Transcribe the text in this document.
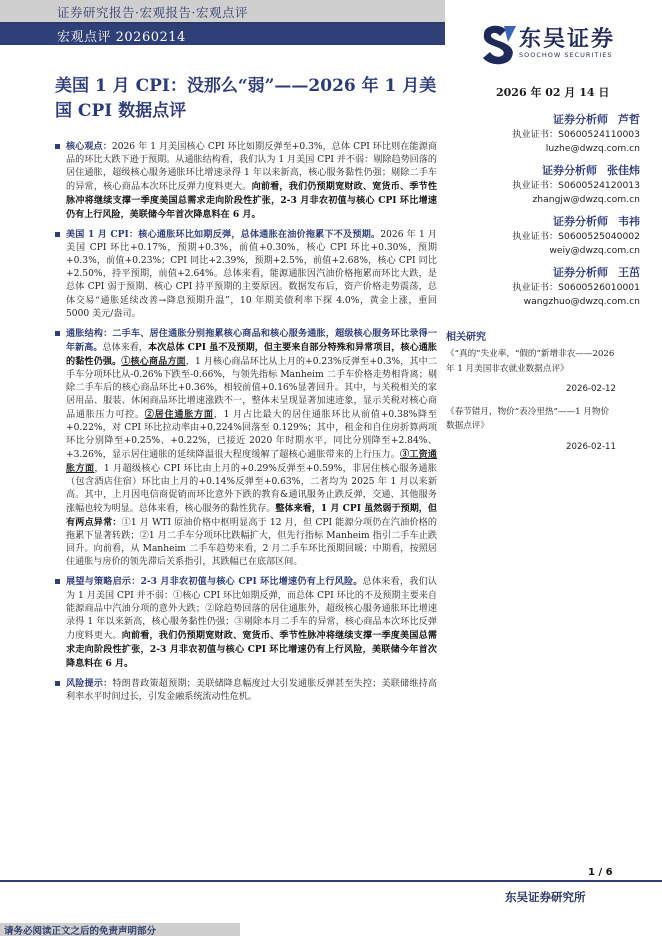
证券研究报告·宏观报告·宏观点评
宏观点评 20260214	东吴证券
SOOCHOW SECURITIES
美国 1 月 CPI：没那么“弱”——2026 年 1 月美国 CPI 数据点评
2026 年 02 月 14 日
证券分析师 芦哲
执业证书：S0600524110003
luzhe@dwzq.com.cn
证券分析师 张佳炜
执业证书：S0600524120013
zhangjw@dwzq.com.cn
证券分析师 韦祎
执业证书：S0600525040002
weiy@dwzq.com.cn
证券分析师 王茁
执业证书：S0600526010001
wangzhuo@dwzq.com.cn
相关研究
《“真的”失业率，“假的”新增非农——2026 年 1 月美国非农就业数据点评》
2026-02-12
《春节错月，物价“表冷里热”——1 月物价数据点评》
2026-02-11
核心观点：2026 年 1 月美国核心 CPI 环比如期反弹至+0.3%，总体 CPI 环比则在能源商品的环比大跌下逊于预期。从通胀结构看，我们认为 1 月美国 CPI 并不弱：剔除趋势回落的居住通胀，超级核心服务通胀环比增速录得 1 年以来新高，核心服务黏性仍强；剔除二手车的异常，核心商品本次环比反弹力度料更大。向前看，我们仍预期宽财政、宽货币、季节性脉冲将继续支撑一季度美国总需求走向阶段性扩张，2-3 月非农初值与核心 CPI 环比增速仍有上行风险，美联储今年首次降息料在 6 月。
美国 1 月 CPI：核心通胀环比如期反弹，总体通胀在油价拖累下不及预期。2026 年 1 月美国 CPI 环比+0.17%，预期+0.3%，前值+0.30%，核心 CPI 环比+0.30%，预期+0.3%，前值+0.23%；CPI 同比+2.39%，预期+2.5%，前值+2.68%，核心 CPI 同比+2.50%，持平预期，前值+2.64%。总体来看，能源通胀因汽油价格拖累而环比大跌，是总体 CPI 弱于预期、核心 CPI 持平预期的主要原因。数据发布后，资产价格走势震荡，总体交易“通胀延续改善→降息预期升温”，10 年期美债利率下探 4.0%，黄金上涨，重回 5000 美元/盎司。
通胀结构：二手车、居住通胀分别拖累核心商品和核心服务通胀，超级核心服务环比录得一年新高。总体来看，本次总体 CPI 虽不及预期，但主要来自部分特殊和异常项目，核心通胀的黏性仍强。①核心商品方面，1 月核心商品环比从上月的+0.23%反弹至+0.3%，其中二手车分项环比从-0.26%下跌至-0.66%，与领先指标 Manheim 二手车价格走势相背离；剔除二手车后的核心商品环比+0.36%，相较前值+0.16%显著回升。其中，与关税相关的家居用品、服装、休闲商品环比增速涨跌不一，整体未呈现显著加速迹象，显示关税对核心商品通胀压力可控。②居住通胀方面，1 月占比最大的居住通胀环比从前值+0.38%降至+0.22%，对 CPI 环比拉动率由+0.224%回落至 0.129%；其中，租金和自住房折算两项环比分别降至+0.25%、+0.22%，已接近 2020 年时期水平，同比分别降至+2.84%、+3.26%，显示居住通胀的延续降温很大程度缓解了超核心通胀带来的上行压力。③工资通胀方面，1 月超级核心 CPI 环比由上月的+0.29%反弹至+0.59%，非居住核心服务通胀（包含酒店住宿）环比由上月的+0.14%反弹至+0.63%，二者均为 2025 年 1 月以来新高。其中，上月因电信商促销而环比意外下跌的教育&通讯服务止跌反弹，交通、其他服务涨幅也较为明显。总体来看，核心服务的黏性犹存。整体来看，1 月 CPI 虽然弱于预期，但有两点异常：①1 月 WTI 原油价格中枢明显高于 12 月，但 CPI 能源分项仍在汽油价格的拖累下显著转跌；②1 月二手车分项环比跌幅扩大，但先行指标 Manheim 指引二手车止跌回升。向前看，从 Manheim 二手车趋势来看，2 月二手车环比预期回暖；中期看，按照居住通胀与房价的领先滞后关系指引，其跌幅已在底部区间。
展望与策略启示：2-3 月非农初值与核心 CPI 环比增速仍有上行风险。总体来看，我们认为 1 月美国 CPI 并不弱：①核心 CPI 环比如期反弹，而总体 CPI 环比的不及预期主要来自能源商品中汽油分项的意外大跌；②除趋势回落的居住通胀外，超级核心服务通胀环比增速录得 1 年以来新高，核心服务黏性仍强；③剔除本月二手车的异常，核心商品本次环比反弹力度料更大。向前看，我们仍预期宽财政、宽货币、季节性脉冲将继续支撑一季度美国总需求走向阶段性扩张，2-3 月非农初值与核心 CPI 环比增速仍有上行风险，美联储今年首次降息料在 6 月。
风险提示：特朗普政策超预期；美联储降息幅度过大引发通胀反弹甚至失控；美联储维持高利率水平时间过长，引发金融系统流动性危机。
1 / 6
东吴证券研究所
请务必阅读正文之后的免责声明部分
